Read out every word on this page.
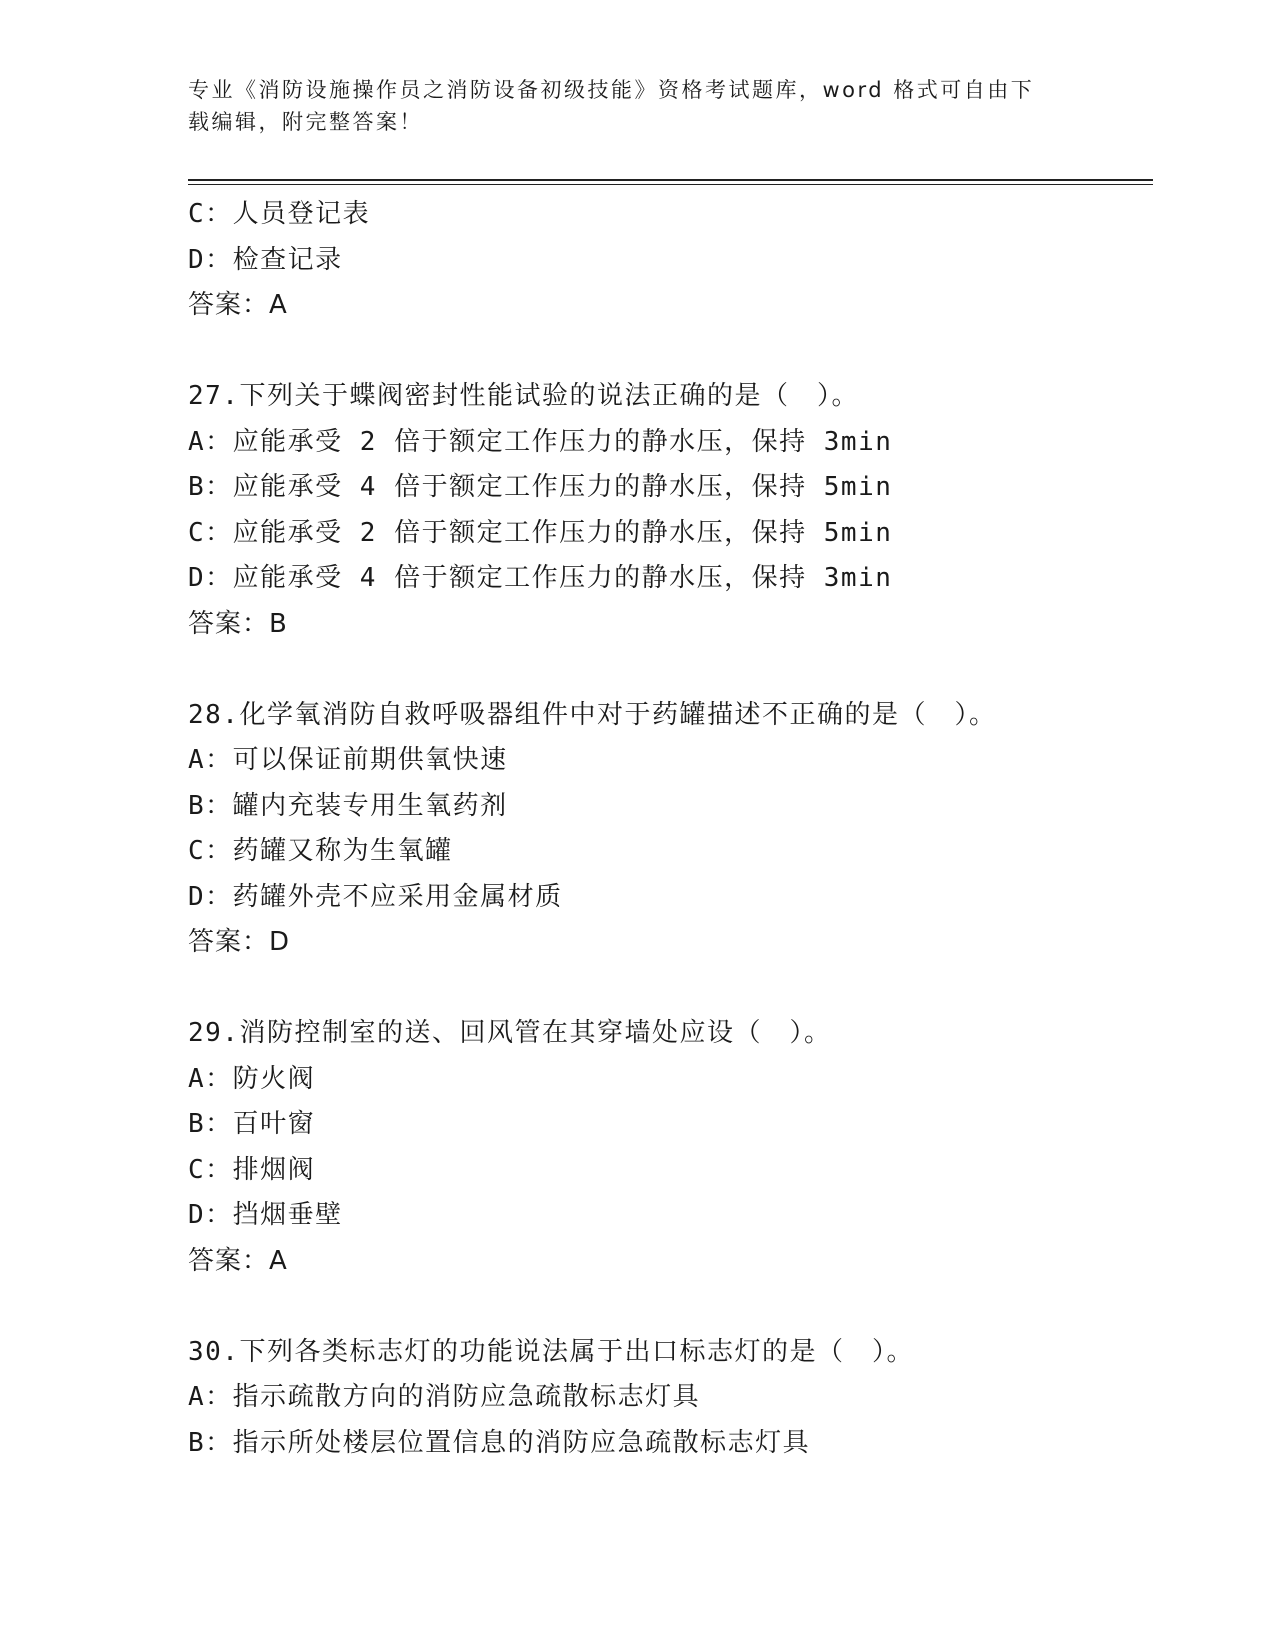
专业《消防设施操作员之消防设备初级技能》资格考试题库，word 格式可自由下
载编辑，附完整答案！
C：人员登记表
D：检查记录
答案：A
27.下列关于蝶阀密封性能试验的说法正确的是（　）。
A：应能承受 2 倍于额定工作压力的静水压，保持 3min
B：应能承受 4 倍于额定工作压力的静水压，保持 5min
C：应能承受 2 倍于额定工作压力的静水压，保持 5min
D：应能承受 4 倍于额定工作压力的静水压，保持 3min
答案：B
28.化学氧消防自救呼吸器组件中对于药罐描述不正确的是（　）。
A：可以保证前期供氧快速
B：罐内充装专用生氧药剂
C：药罐又称为生氧罐
D：药罐外壳不应采用金属材质
答案：D
29.消防控制室的送、回风管在其穿墙处应设（　）。
A：防火阀
B：百叶窗
C：排烟阀
D：挡烟垂壁
答案：A
30.下列各类标志灯的功能说法属于出口标志灯的是（　）。
A：指示疏散方向的消防应急疏散标志灯具
B：指示所处楼层位置信息的消防应急疏散标志灯具
